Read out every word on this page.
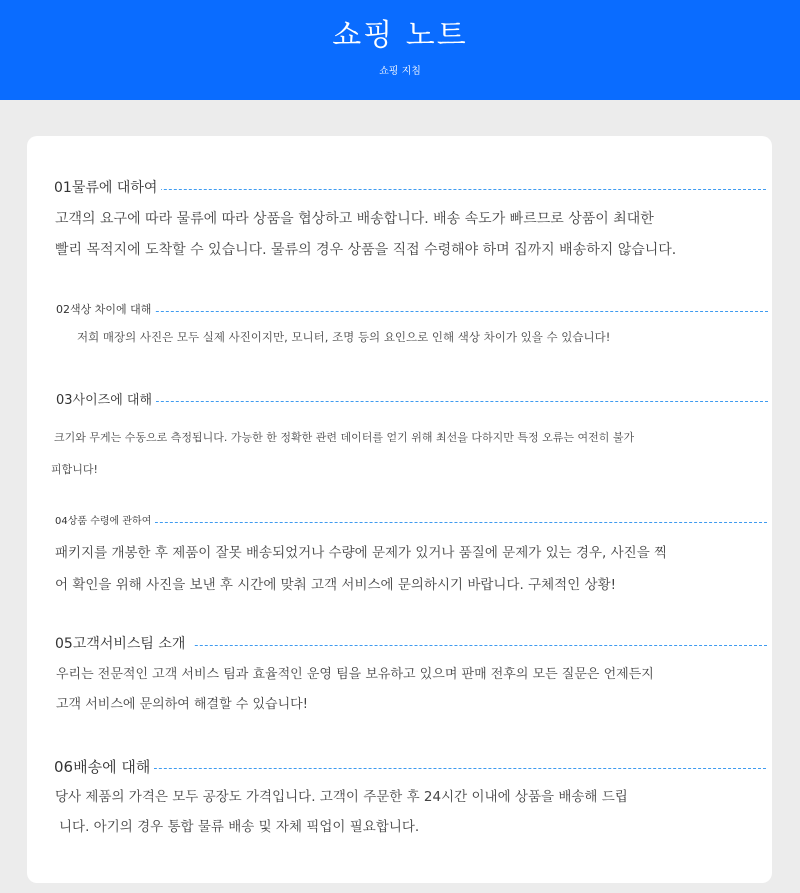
쇼핑 노트
쇼핑 지침
01물류에 대하여
고객의 요구에 따라 물류에 따라 상품을 협상하고 배송합니다. 배송 속도가 빠르므로 상품이 최대한
빨리 목적지에 도착할 수 있습니다. 물류의 경우 상품을 직접 수령해야 하며 집까지 배송하지 않습니다.
02색상 차이에 대해
저희 매장의 사진은 모두 실제 사진이지만, 모니터, 조명 등의 요인으로 인해 색상 차이가 있을 수 있습니다!
03사이즈에 대해
크기와 무게는 수동으로 측정됩니다. 가능한 한 정확한 관련 데이터를 얻기 위해 최선을 다하지만 특정 오류는 여전히 불가
피합니다!
04상품 수령에 관하여
패키지를 개봉한 후 제품이 잘못 배송되었거나 수량에 문제가 있거나 품질에 문제가 있는 경우, 사진을 찍
어 확인을 위해 사진을 보낸 후 시간에 맞춰 고객 서비스에 문의하시기 바랍니다. 구체적인 상황!
05고객서비스팀 소개
우리는 전문적인 고객 서비스 팀과 효율적인 운영 팀을 보유하고 있으며 판매 전후의 모든 질문은 언제든지
고객 서비스에 문의하여 해결할 수 있습니다!
06배송에 대해
당사 제품의 가격은 모두 공장도 가격입니다. 고객이 주문한 후 24시간 이내에 상품을 배송해 드립
니다. 아기의 경우 통합 물류 배송 및 자체 픽업이 필요합니다.
